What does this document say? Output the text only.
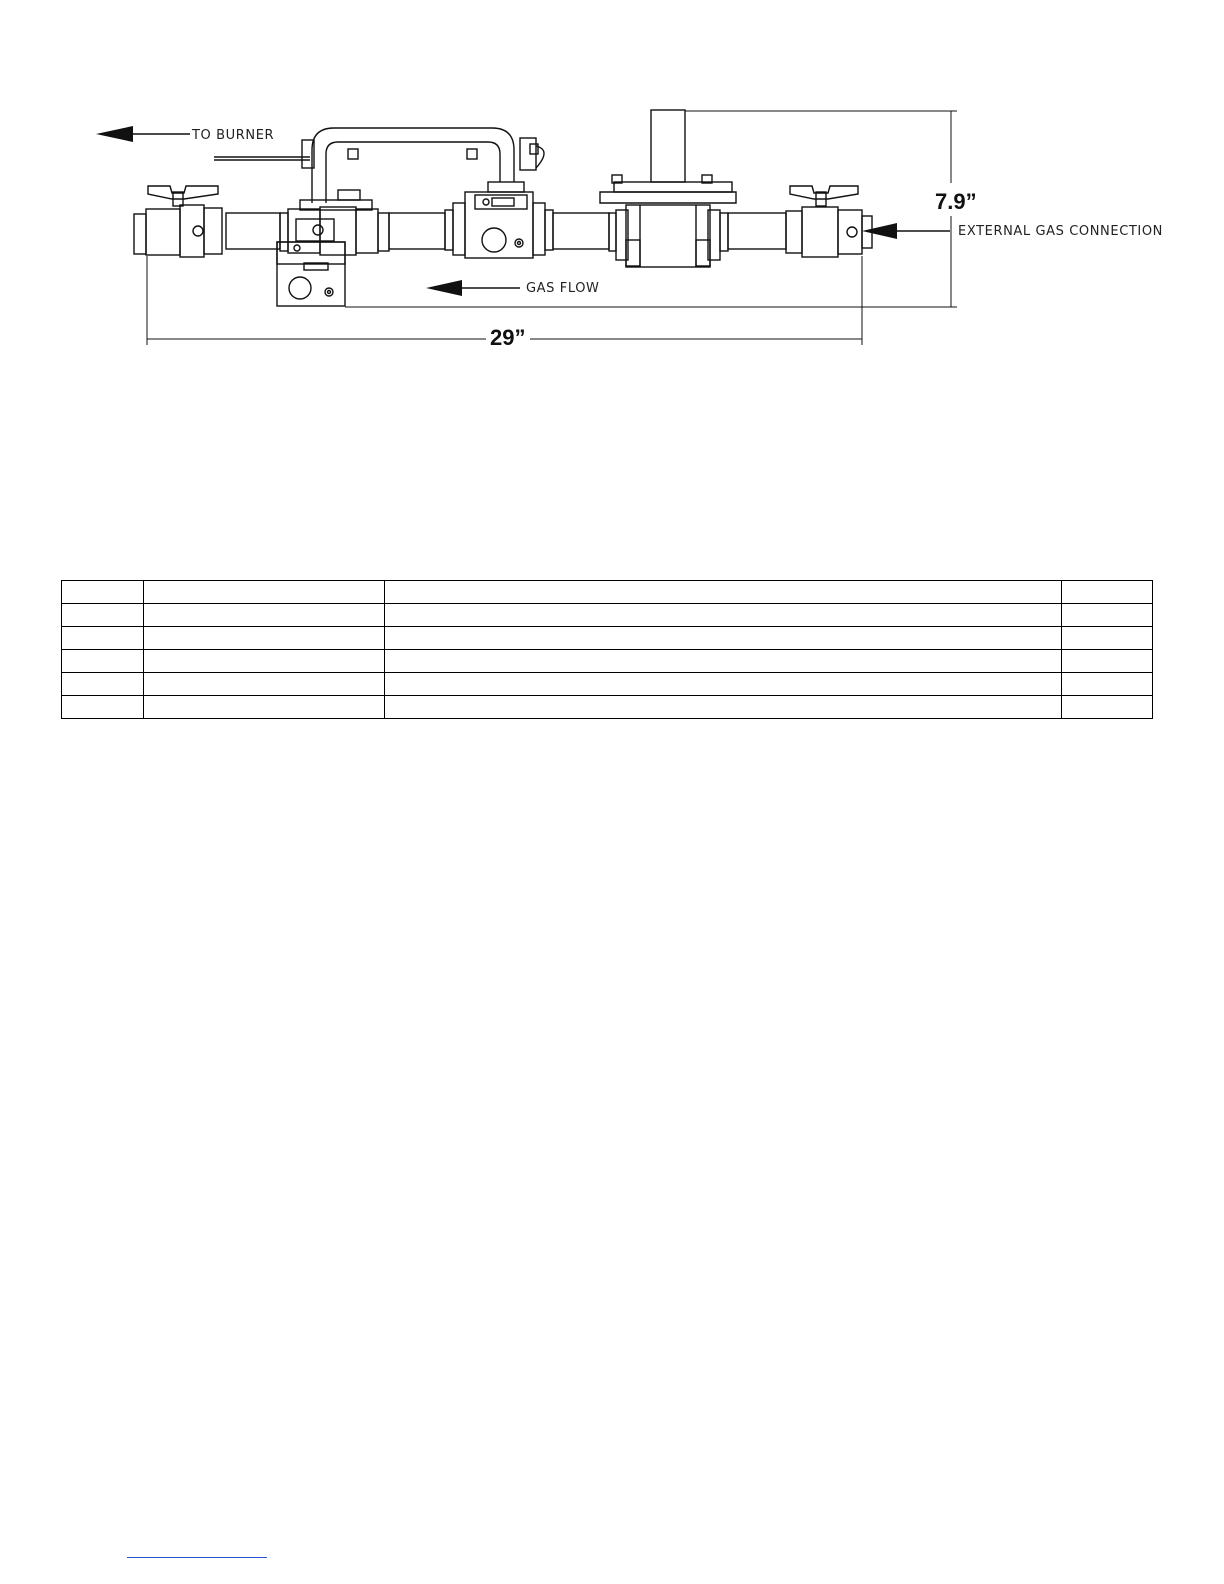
TO BURNER
GAS FLOW
EXTERNAL GAS CONNECTION
7.9”
29”
